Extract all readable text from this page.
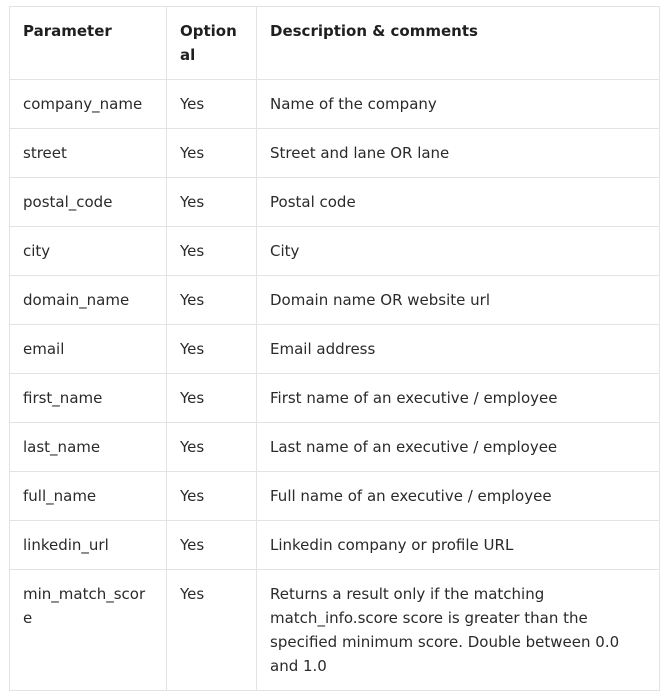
Parameter	Optional	Description & comments
company_name	Yes	Name of the company
street	Yes	Street and lane OR lane
postal_code	Yes	Postal code
city	Yes	City
domain_name	Yes	Domain name OR website url
email	Yes	Email address
first_name	Yes	First name of an executive / employee
last_name	Yes	Last name of an executive / employee
full_name	Yes	Full name of an executive / employee
linkedin_url	Yes	Linkedin company or profile URL
min_match_score	Yes	Returns a result only if the matching match_info.score score is greater than the specified minimum score. Double between 0.0 and 1.0
